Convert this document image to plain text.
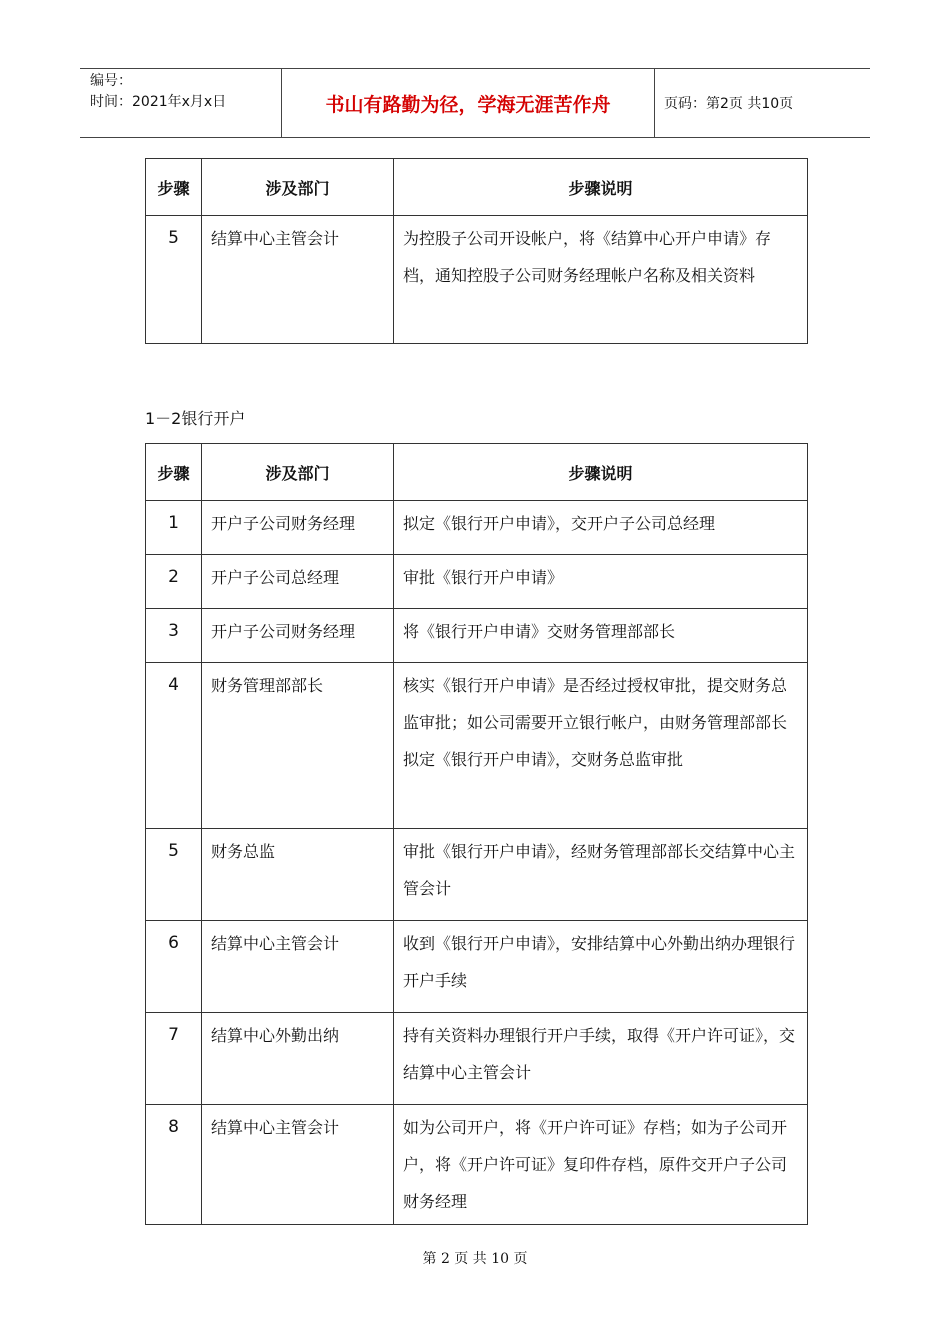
编号：
时间：2021年x月x日	书山有路勤为径，学海无涯苦作舟	页码：第2页 共10页
步骤	涉及部门	步骤说明
5	结算中心主管会计	为控股子公司开设帐户，将《结算中心开户申请》存档，通知控股子公司财务经理帐户名称及相关资料
1－2银行开户
步骤	涉及部门	步骤说明
1	开户子公司财务经理	拟定《银行开户申请》，交开户子公司总经理
2	开户子公司总经理	审批《银行开户申请》
3	开户子公司财务经理	将《银行开户申请》交财务管理部部长
4	财务管理部部长	核实《银行开户申请》是否经过授权审批，提交财务总监审批；如公司需要开立银行帐户，由财务管理部部长拟定《银行开户申请》，交财务总监审批
5	财务总监	审批《银行开户申请》，经财务管理部部长交结算中心主管会计
6	结算中心主管会计	收到《银行开户申请》，安排结算中心外勤出纳办理银行开户手续
7	结算中心外勤出纳	持有关资料办理银行开户手续，取得《开户许可证》，交结算中心主管会计
8	结算中心主管会计	如为公司开户，将《开户许可证》存档；如为子公司开户，将《开户许可证》复印件存档，原件交开户子公司财务经理
第 2 页 共 10 页
